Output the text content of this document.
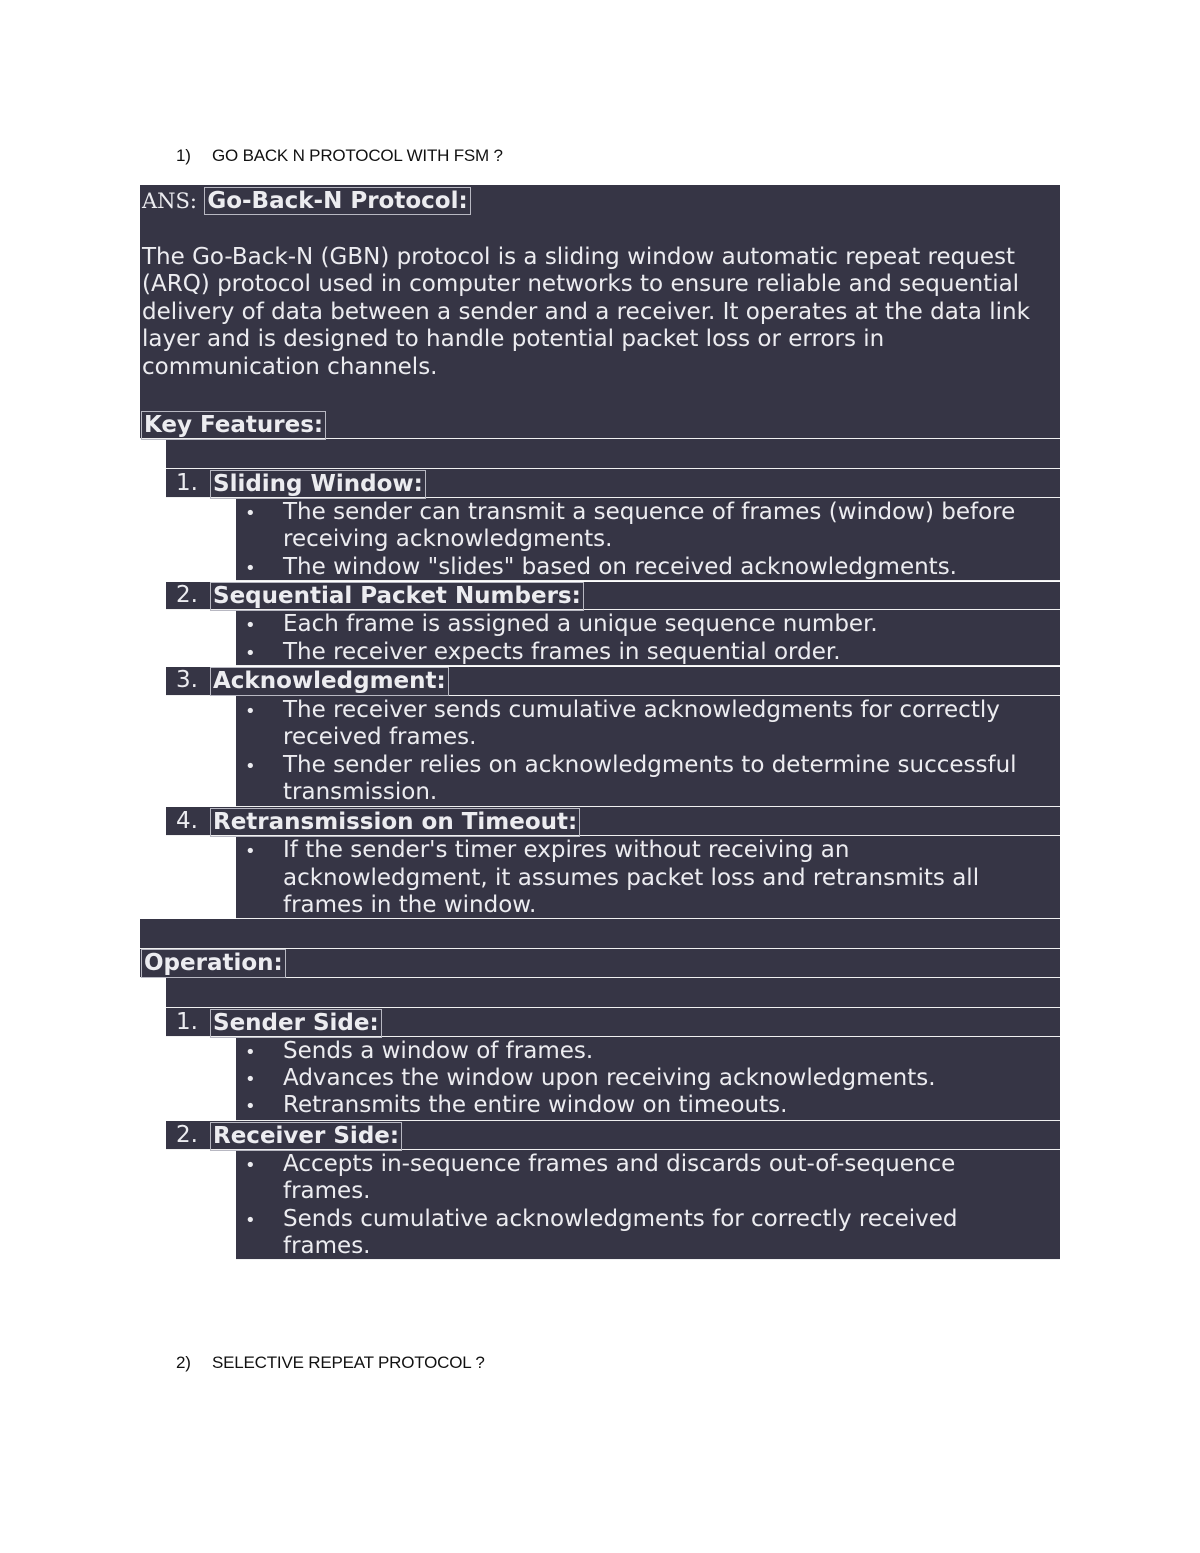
1) GO BACK N PROTOCOL WITH FSM ?
ANS: Go-Back-N Protocol:
The Go-Back-N (GBN) protocol is a sliding window automatic repeat request
(ARQ) protocol used in computer networks to ensure reliable and sequential
delivery of data between a sender and a receiver. It operates at the data link
layer and is designed to handle potential packet loss or errors in
communication channels.
Key Features:
1. Sliding Window:
• The sender can transmit a sequence of frames (window) before
receiving acknowledgments.
• The window "slides" based on received acknowledgments.
2. Sequential Packet Numbers:
• Each frame is assigned a unique sequence number.
• The receiver expects frames in sequential order.
3. Acknowledgment:
• The receiver sends cumulative acknowledgments for correctly
received frames.
• The sender relies on acknowledgments to determine successful
transmission.
4. Retransmission on Timeout:
• If the sender's timer expires without receiving an
acknowledgment, it assumes packet loss and retransmits all
frames in the window.
Operation:
1. Sender Side:
• Sends a window of frames.
• Advances the window upon receiving acknowledgments.
• Retransmits the entire window on timeouts.
2. Receiver Side:
• Accepts in-sequence frames and discards out-of-sequence
frames.
• Sends cumulative acknowledgments for correctly received
frames.
2) SELECTIVE REPEAT PROTOCOL ?
